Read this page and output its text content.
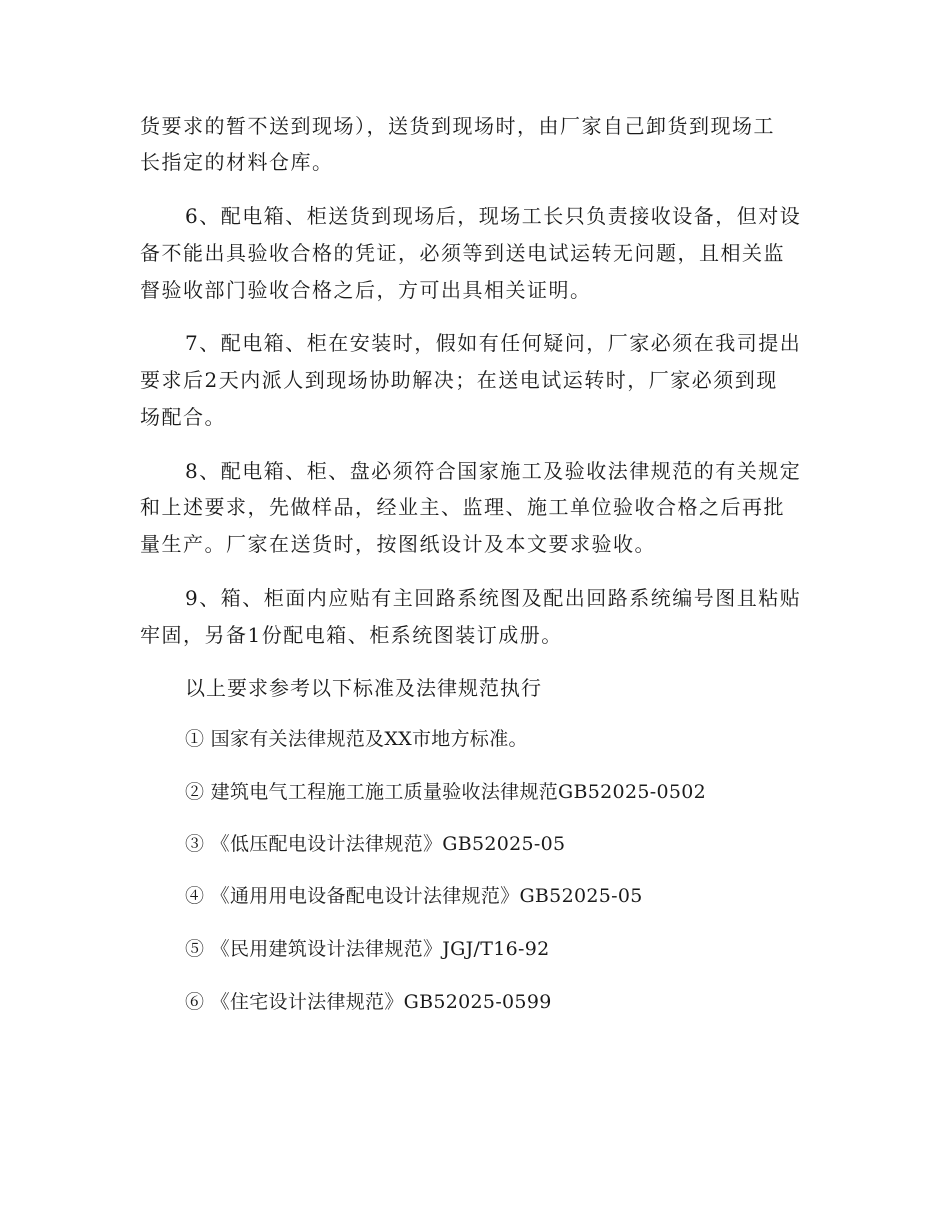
货要求的暂不送到现场），送货到现场时，由厂家自己卸货到现场工
长指定的材料仓库。
6、配电箱、柜送货到现场后，现场工长只负责接收设备，但对设
备不能出具验收合格的凭证，必须等到送电试运转无问题，且相关监
督验收部门验收合格之后，方可出具相关证明。
7、配电箱、柜在安装时，假如有任何疑问，厂家必须在我司提出
要求后2天内派人到现场协助解决；在送电试运转时，厂家必须到现
场配合。
8、配电箱、柜、盘必须符合国家施工及验收法律规范的有关规定
和上述要求，先做样品，经业主、监理、施工单位验收合格之后再批
量生产。厂家在送货时，按图纸设计及本文要求验收。
9、箱、柜面内应贴有主回路系统图及配出回路系统编号图且粘贴
牢固，另备1份配电箱、柜系统图装订成册。
以上要求参考以下标准及法律规范执行
① 国家有关法律规范及XX市地方标准。
② 建筑电气工程施工施工质量验收法律规范GB52025-0502
③ 《低压配电设计法律规范》GB52025-05
④ 《通用用电设备配电设计法律规范》GB52025-05
⑤ 《民用建筑设计法律规范》JGJ/T16-92
⑥ 《住宅设计法律规范》GB52025-0599
